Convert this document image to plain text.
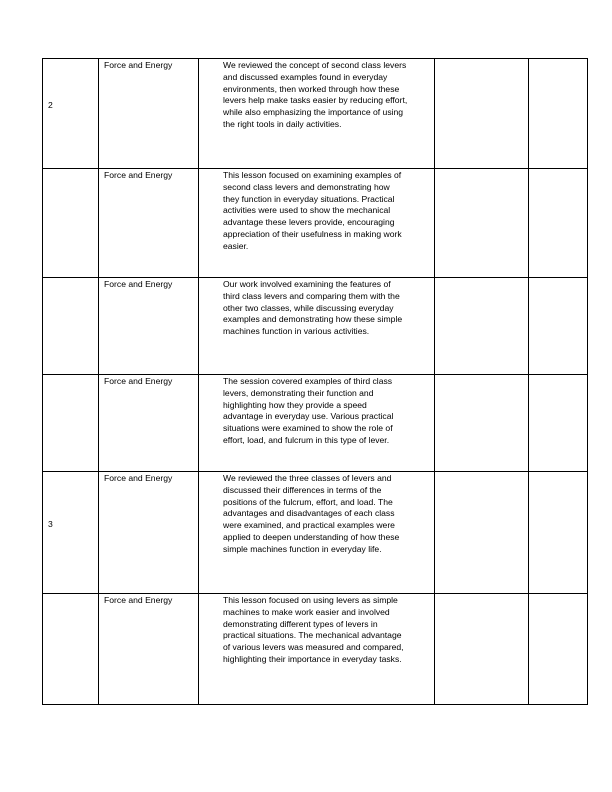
2	Force and Energy	We reviewed the concept of second class levers and discussed examples found in everyday environments, then worked through how these levers help make tasks easier by reducing effort, while also emphasizing the importance of using the right tools in daily activities.		

	Force and Energy	This lesson focused on examining examples of second class levers and demonstrating how they function in everyday situations. Practical activities were used to show the mechanical advantage these levers provide, encouraging appreciation of their usefulness in making work easier.		

	Force and Energy	Our work involved examining the features of third class levers and comparing them with the other two classes, while discussing everyday examples and demonstrating how these simple machines function in various activities.		

	Force and Energy	The session covered examples of third class levers, demonstrating their function and highlighting how they provide a speed advantage in everyday use. Various practical situations were examined to show the role of effort, load, and fulcrum in this type of lever.		

3	Force and Energy	We reviewed the three classes of levers and discussed their differences in terms of the positions of the fulcrum, effort, and load. The advantages and disadvantages of each class were examined, and practical examples were applied to deepen understanding of how these simple machines function in everyday life.		

	Force and Energy	This lesson focused on using levers as simple machines to make work easier and involved demonstrating different types of levers in practical situations. The mechanical advantage of various levers was measured and compared, highlighting their importance in everyday tasks.		
